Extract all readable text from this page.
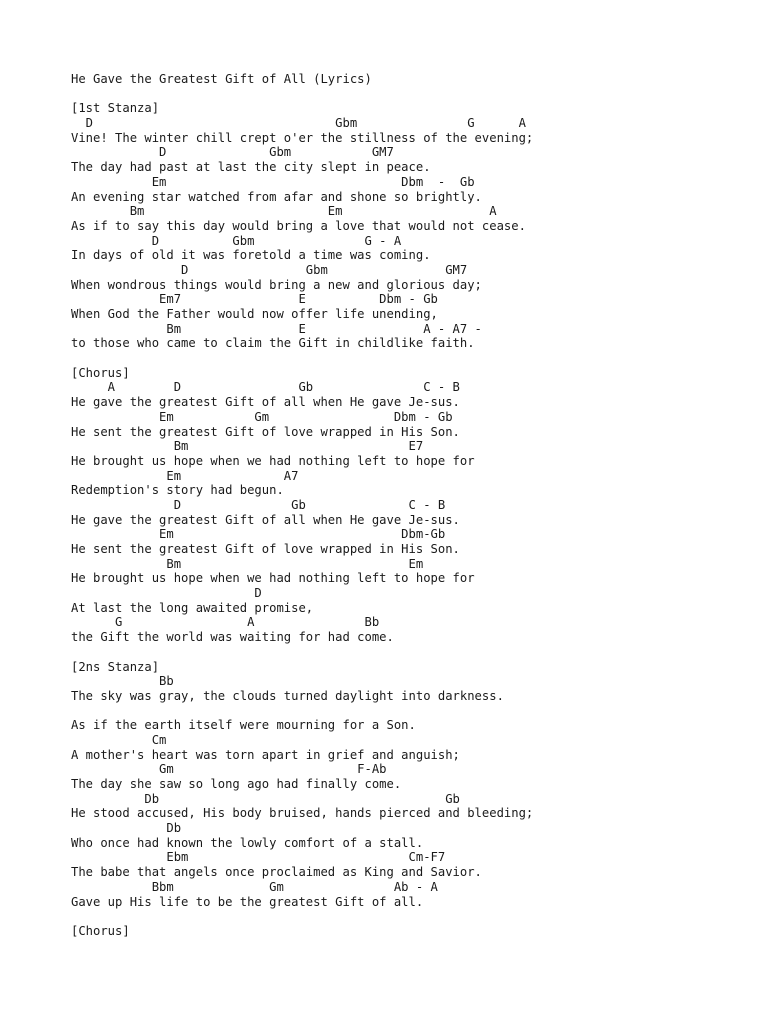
He Gave the Greatest Gift of All (Lyrics)
[1st Stanza]
D                                 Gbm               G      A
Vine! The winter chill crept o'er the stillness of the evening;
D              Gbm           GM7
The day had past at last the city slept in peace.
Em                                Dbm  -  Gb
An evening star watched from afar and shone so brightly.
Bm                         Em                    A
As if to say this day would bring a love that would not cease.
D          Gbm               G - A
In days of old it was foretold a time was coming.
D                Gbm                GM7
When wondrous things would bring a new and glorious day;
Em7                E          Dbm - Gb
When God the Father would now offer life unending,
Bm                E                A - A7 -
to those who came to claim the Gift in childlike faith.
[Chorus]
A        D                Gb               C - B
He gave the greatest Gift of all when He gave Je-sus.
Em           Gm                 Dbm - Gb
He sent the greatest Gift of love wrapped in His Son.
Bm                              E7
He brought us hope when we had nothing left to hope for
Em              A7
Redemption's story had begun.
D               Gb              C - B
He gave the greatest Gift of all when He gave Je-sus.
Em                               Dbm-Gb
He sent the greatest Gift of love wrapped in His Son.
Bm                               Em
He brought us hope when we had nothing left to hope for
D
At last the long awaited promise,
G                 A               Bb
the Gift the world was waiting for had come.
[2ns Stanza]
Bb
The sky was gray, the clouds turned daylight into darkness.
As if the earth itself were mourning for a Son.
Cm
A mother's heart was torn apart in grief and anguish;
Gm                         F-Ab
The day she saw so long ago had finally come.
Db                                       Gb
He stood accused, His body bruised, hands pierced and bleeding;
Db
Who once had known the lowly comfort of a stall.
Ebm                              Cm-F7
The babe that angels once proclaimed as King and Savior.
Bbm             Gm               Ab - A
Gave up His life to be the greatest Gift of all.
[Chorus]
